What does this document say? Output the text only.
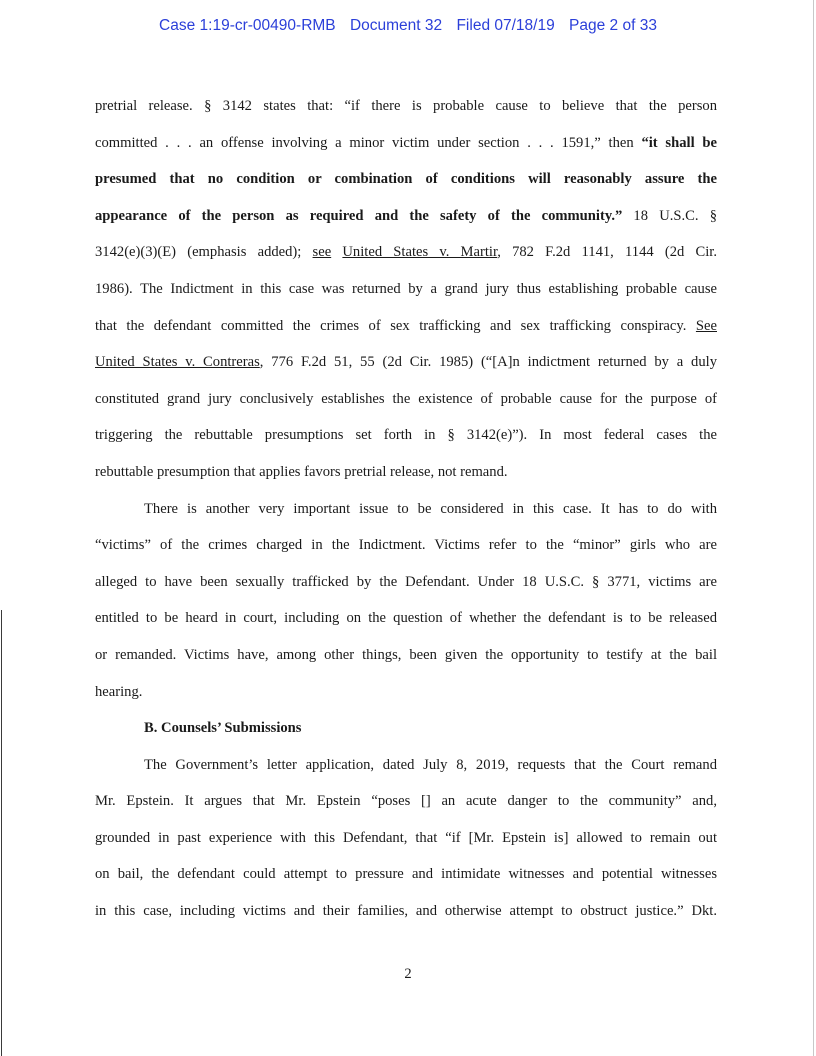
Case 1:19-cr-00490-RMB Document 32 Filed 07/18/19 Page 2 of 33
pretrial release. § 3142 states that: “if there is probable cause to believe that the person
committed . . . an offense involving a minor victim under section . . . 1591,” then “it shall be
presumed that no condition or combination of conditions will reasonably assure the
appearance of the person as required and the safety of the community.” 18 U.S.C. §
3142(e)(3)(E) (emphasis added); see United States v. Martir, 782 F.2d 1141, 1144 (2d Cir.
1986). The Indictment in this case was returned by a grand jury thus establishing probable cause
that the defendant committed the crimes of sex trafficking and sex trafficking conspiracy. See
United States v. Contreras, 776 F.2d 51, 55 (2d Cir. 1985) (“[A]n indictment returned by a duly
constituted grand jury conclusively establishes the existence of probable cause for the purpose of
triggering the rebuttable presumptions set forth in § 3142(e)”). In most federal cases the
rebuttable presumption that applies favors pretrial release, not remand.
There is another very important issue to be considered in this case. It has to do with
“victims” of the crimes charged in the Indictment. Victims refer to the “minor” girls who are
alleged to have been sexually trafficked by the Defendant. Under 18 U.S.C. § 3771, victims are
entitled to be heard in court, including on the question of whether the defendant is to be released
or remanded. Victims have, among other things, been given the opportunity to testify at the bail
hearing.
B. Counsels’ Submissions
The Government’s letter application, dated July 8, 2019, requests that the Court remand
Mr. Epstein. It argues that Mr. Epstein “poses [] an acute danger to the community” and,
grounded in past experience with this Defendant, that “if [Mr. Epstein is] allowed to remain out
on bail, the defendant could attempt to pressure and intimidate witnesses and potential witnesses
in this case, including victims and their families, and otherwise attempt to obstruct justice.” Dkt.
2
